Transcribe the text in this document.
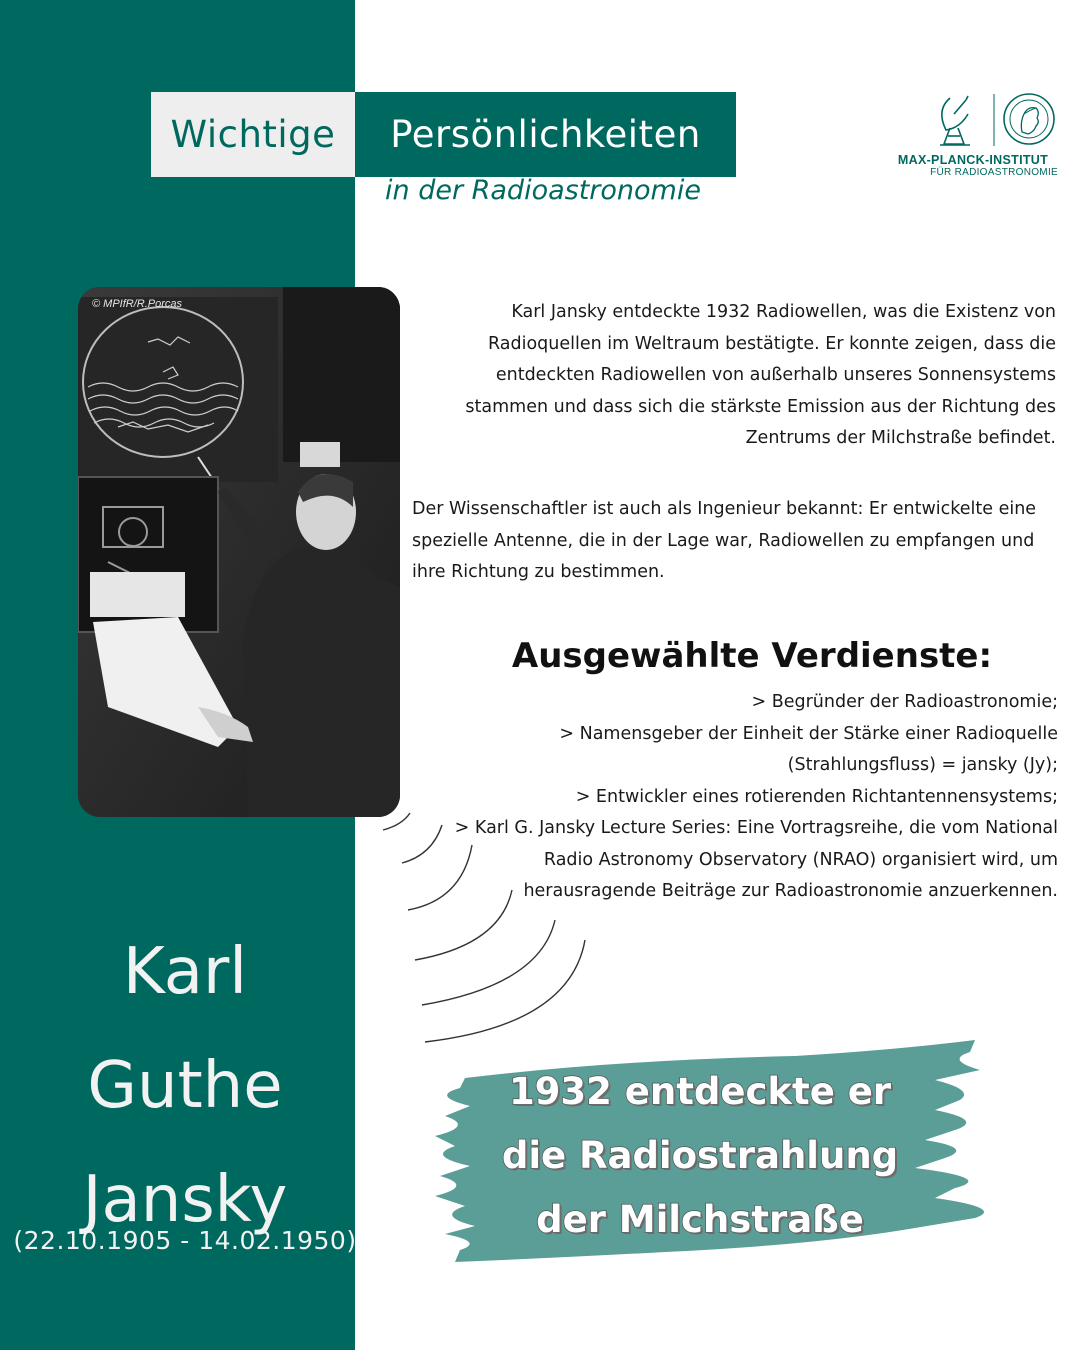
Wichtige Persönlichkeiten
in der Radioastronomie
MAX-PLANCK-INSTITUT
FÜR RADIOASTRONOMIE
© MPIfR/R.Porcas	Karl Jansky entdeckte 1932 Radiowellen, was die Existenz von Radioquellen im Weltraum bestätigte. Er konnte zeigen, dass die entdeckten Radiowellen von außerhalb unseres Sonnensystems stammen und dass sich die stärkste Emission aus der Richtung des Zentrums der Milchstraße befindet.
Der Wissenschaftler ist auch als Ingenieur bekannt: Er entwickelte eine spezielle Antenne, die in der Lage war, Radiowellen zu empfangen und ihre Richtung zu bestimmen.
Ausgewählte Verdienste:
> Begründer der Radioastronomie;
> Namensgeber der Einheit der Stärke einer Radioquelle (Strahlungsfluss) = jansky (Jy);
> Entwickler eines rotierenden Richtantennensystems;
> Karl G. Jansky Lecture Series: Eine Vortragsreihe, die vom National Radio Astronomy Observatory (NRAO) organisiert wird, um herausragende Beiträge zur Radioastronomie anzuerkennen.
Karl
Guthe
Jansky
(22.10.1905 - 14.02.1950)
1932 entdeckte er
die Radiostrahlung
der Milchstraße
